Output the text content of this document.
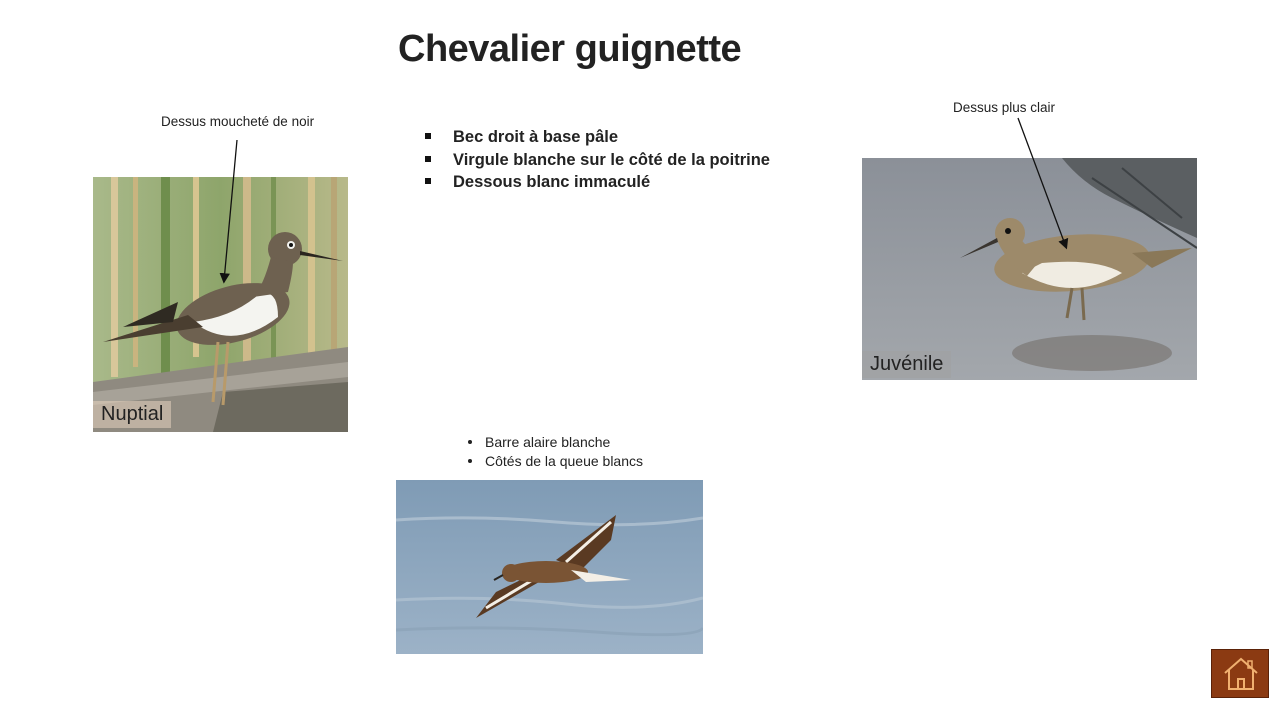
Chevalier guignette
Bec droit à base pâle
Virgule blanche sur le côté de la poitrine
Dessous blanc immaculé
Dessus moucheté de noir
Nuptial
Dessus plus clair
Juvénile
Barre alaire blanche
Côtés de la queue blancs
